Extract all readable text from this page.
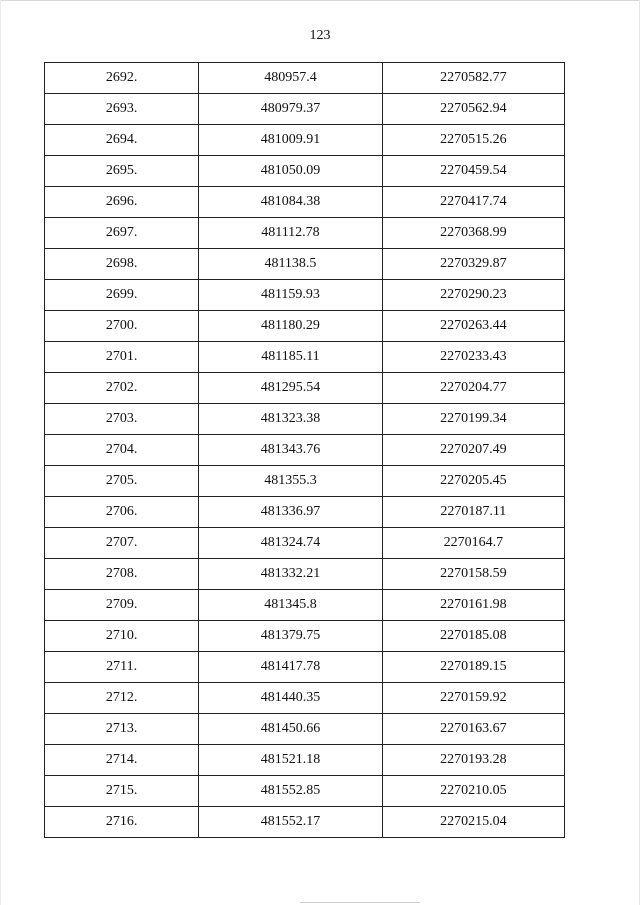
123
2692.	480957.4	2270582.77
2693.	480979.37	2270562.94
2694.	481009.91	2270515.26
2695.	481050.09	2270459.54
2696.	481084.38	2270417.74
2697.	481112.78	2270368.99
2698.	481138.5	2270329.87
2699.	481159.93	2270290.23
2700.	481180.29	2270263.44
2701.	481185.11	2270233.43
2702.	481295.54	2270204.77
2703.	481323.38	2270199.34
2704.	481343.76	2270207.49
2705.	481355.3	2270205.45
2706.	481336.97	2270187.11
2707.	481324.74	2270164.7
2708.	481332.21	2270158.59
2709.	481345.8	2270161.98
2710.	481379.75	2270185.08
2711.	481417.78	2270189.15
2712.	481440.35	2270159.92
2713.	481450.66	2270163.67
2714.	481521.18	2270193.28
2715.	481552.85	2270210.05
2716.	481552.17	2270215.04
